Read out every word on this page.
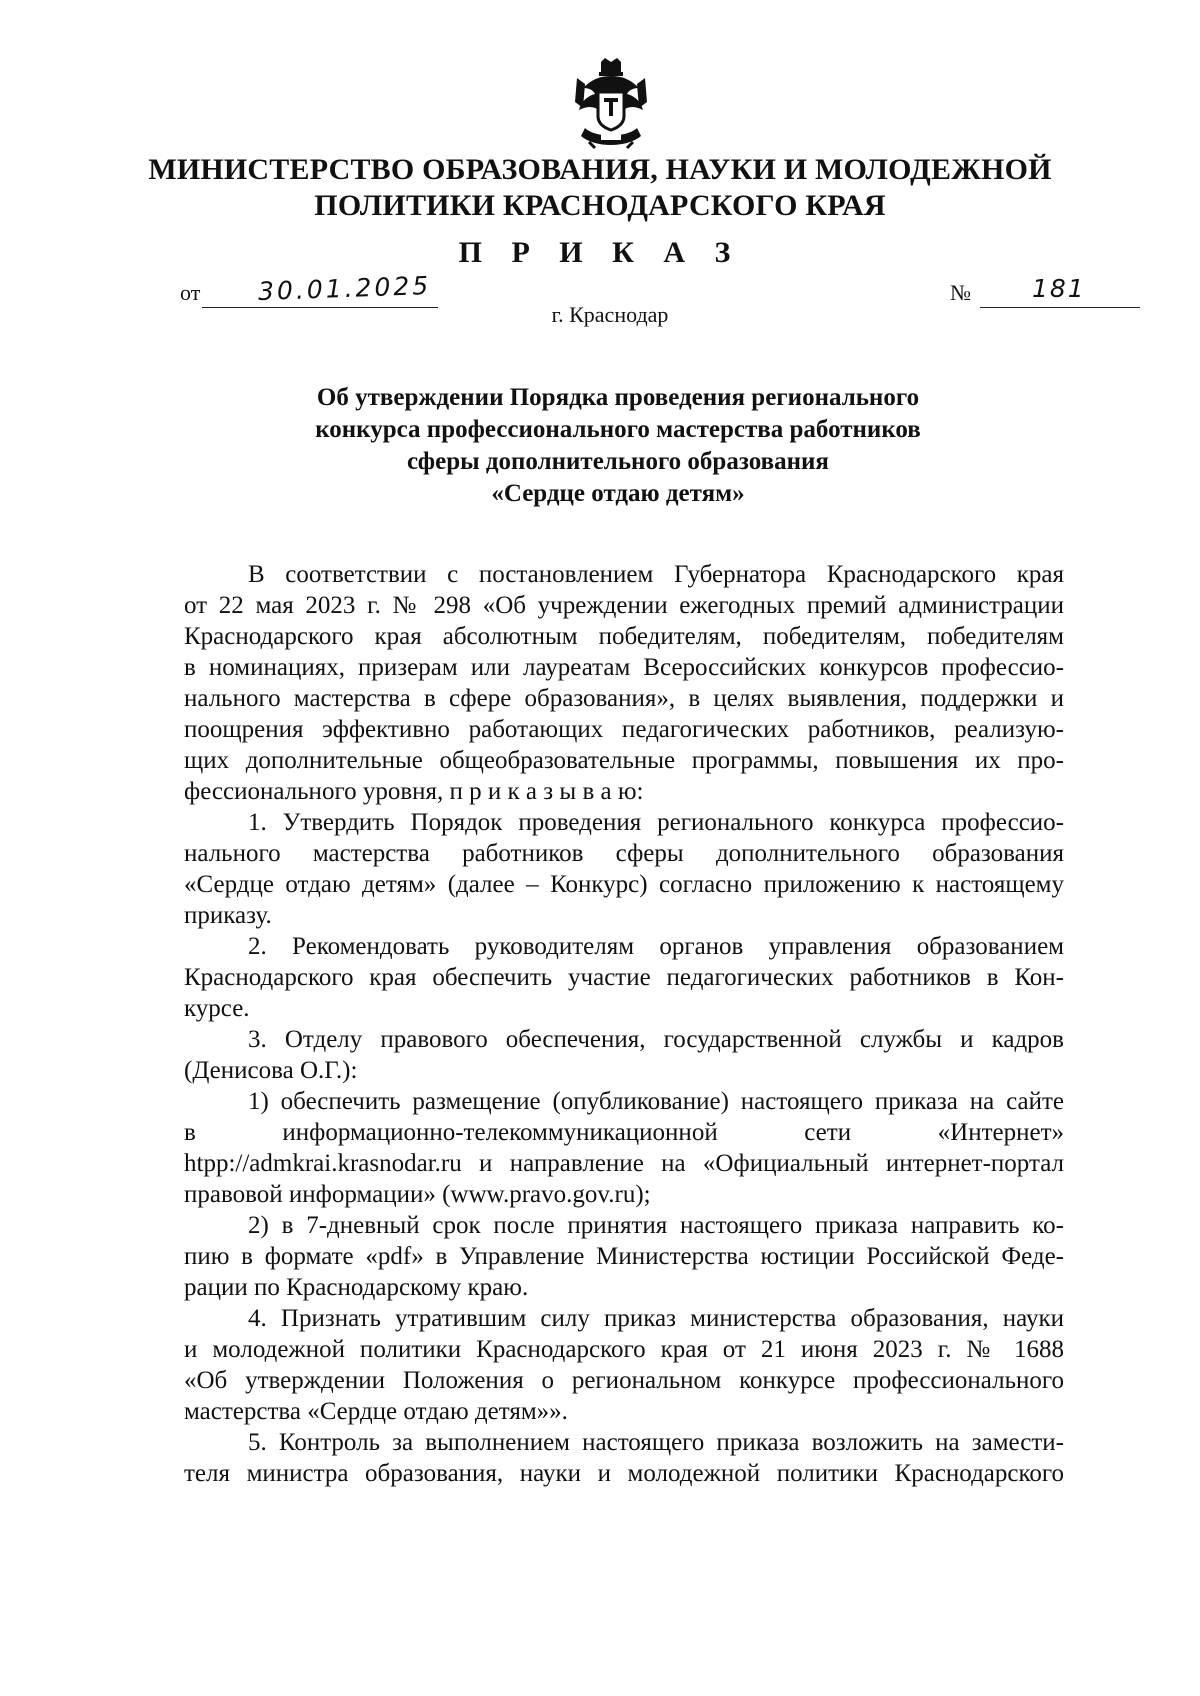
МИНИСТЕРСТВО ОБРАЗОВАНИЯ, НАУКИ И МОЛОДЕЖНОЙ
ПОЛИТИКИ КРАСНОДАРСКОГО КРАЯ
П Р И К А З
от 30.01.2025	№ 181
г. Краснодар
Об утверждении Порядка проведения регионального
конкурса профессионального мастерства работников
сферы дополнительного образования
«Сердце отдаю детям»
В соответствии с постановлением Губернатора Краснодарского края
от 22 мая 2023 г. № 298 «Об учреждении ежегодных премий администрации
Краснодарского края абсолютным победителям, победителям, победителям
в номинациях, призерам или лауреатам Всероссийских конкурсов профессио-
нального мастерства в сфере образования», в целях выявления, поддержки и
поощрения эффективно работающих педагогических работников, реализую-
щих дополнительные общеобразовательные программы, повышения их про-
фессионального уровня, п р и к а з ы в а ю:
1. Утвердить Порядок проведения регионального конкурса профессио-
нального мастерства работников сферы дополнительного образования
«Сердце отдаю детям» (далее – Конкурс) согласно приложению к настоящему
приказу.
2. Рекомендовать руководителям органов управления образованием
Краснодарского края обеспечить участие педагогических работников в Кон-
курсе.
3. Отделу правового обеспечения, государственной службы и кадров
(Денисова О.Г.):
1) обеспечить размещение (опубликование) настоящего приказа на сайте
в информационно-телекоммуникационной сети «Интернет»
htpp://admkrai.krasnodar.ru и направление на «Официальный интернет-портал
правовой информации» (www.pravo.gov.ru);
2) в 7-дневный срок после принятия настоящего приказа направить ко-
пию в формате «pdf» в Управление Министерства юстиции Российской Феде-
рации по Краснодарскому краю.
4. Признать утратившим силу приказ министерства образования, науки
и молодежной политики Краснодарского края от 21 июня 2023 г. № 1688
«Об утверждении Положения о региональном конкурсе профессионального
мастерства «Сердце отдаю детям»».
5. Контроль за выполнением настоящего приказа возложить на замести-
теля министра образования, науки и молодежной политики Краснодарского
